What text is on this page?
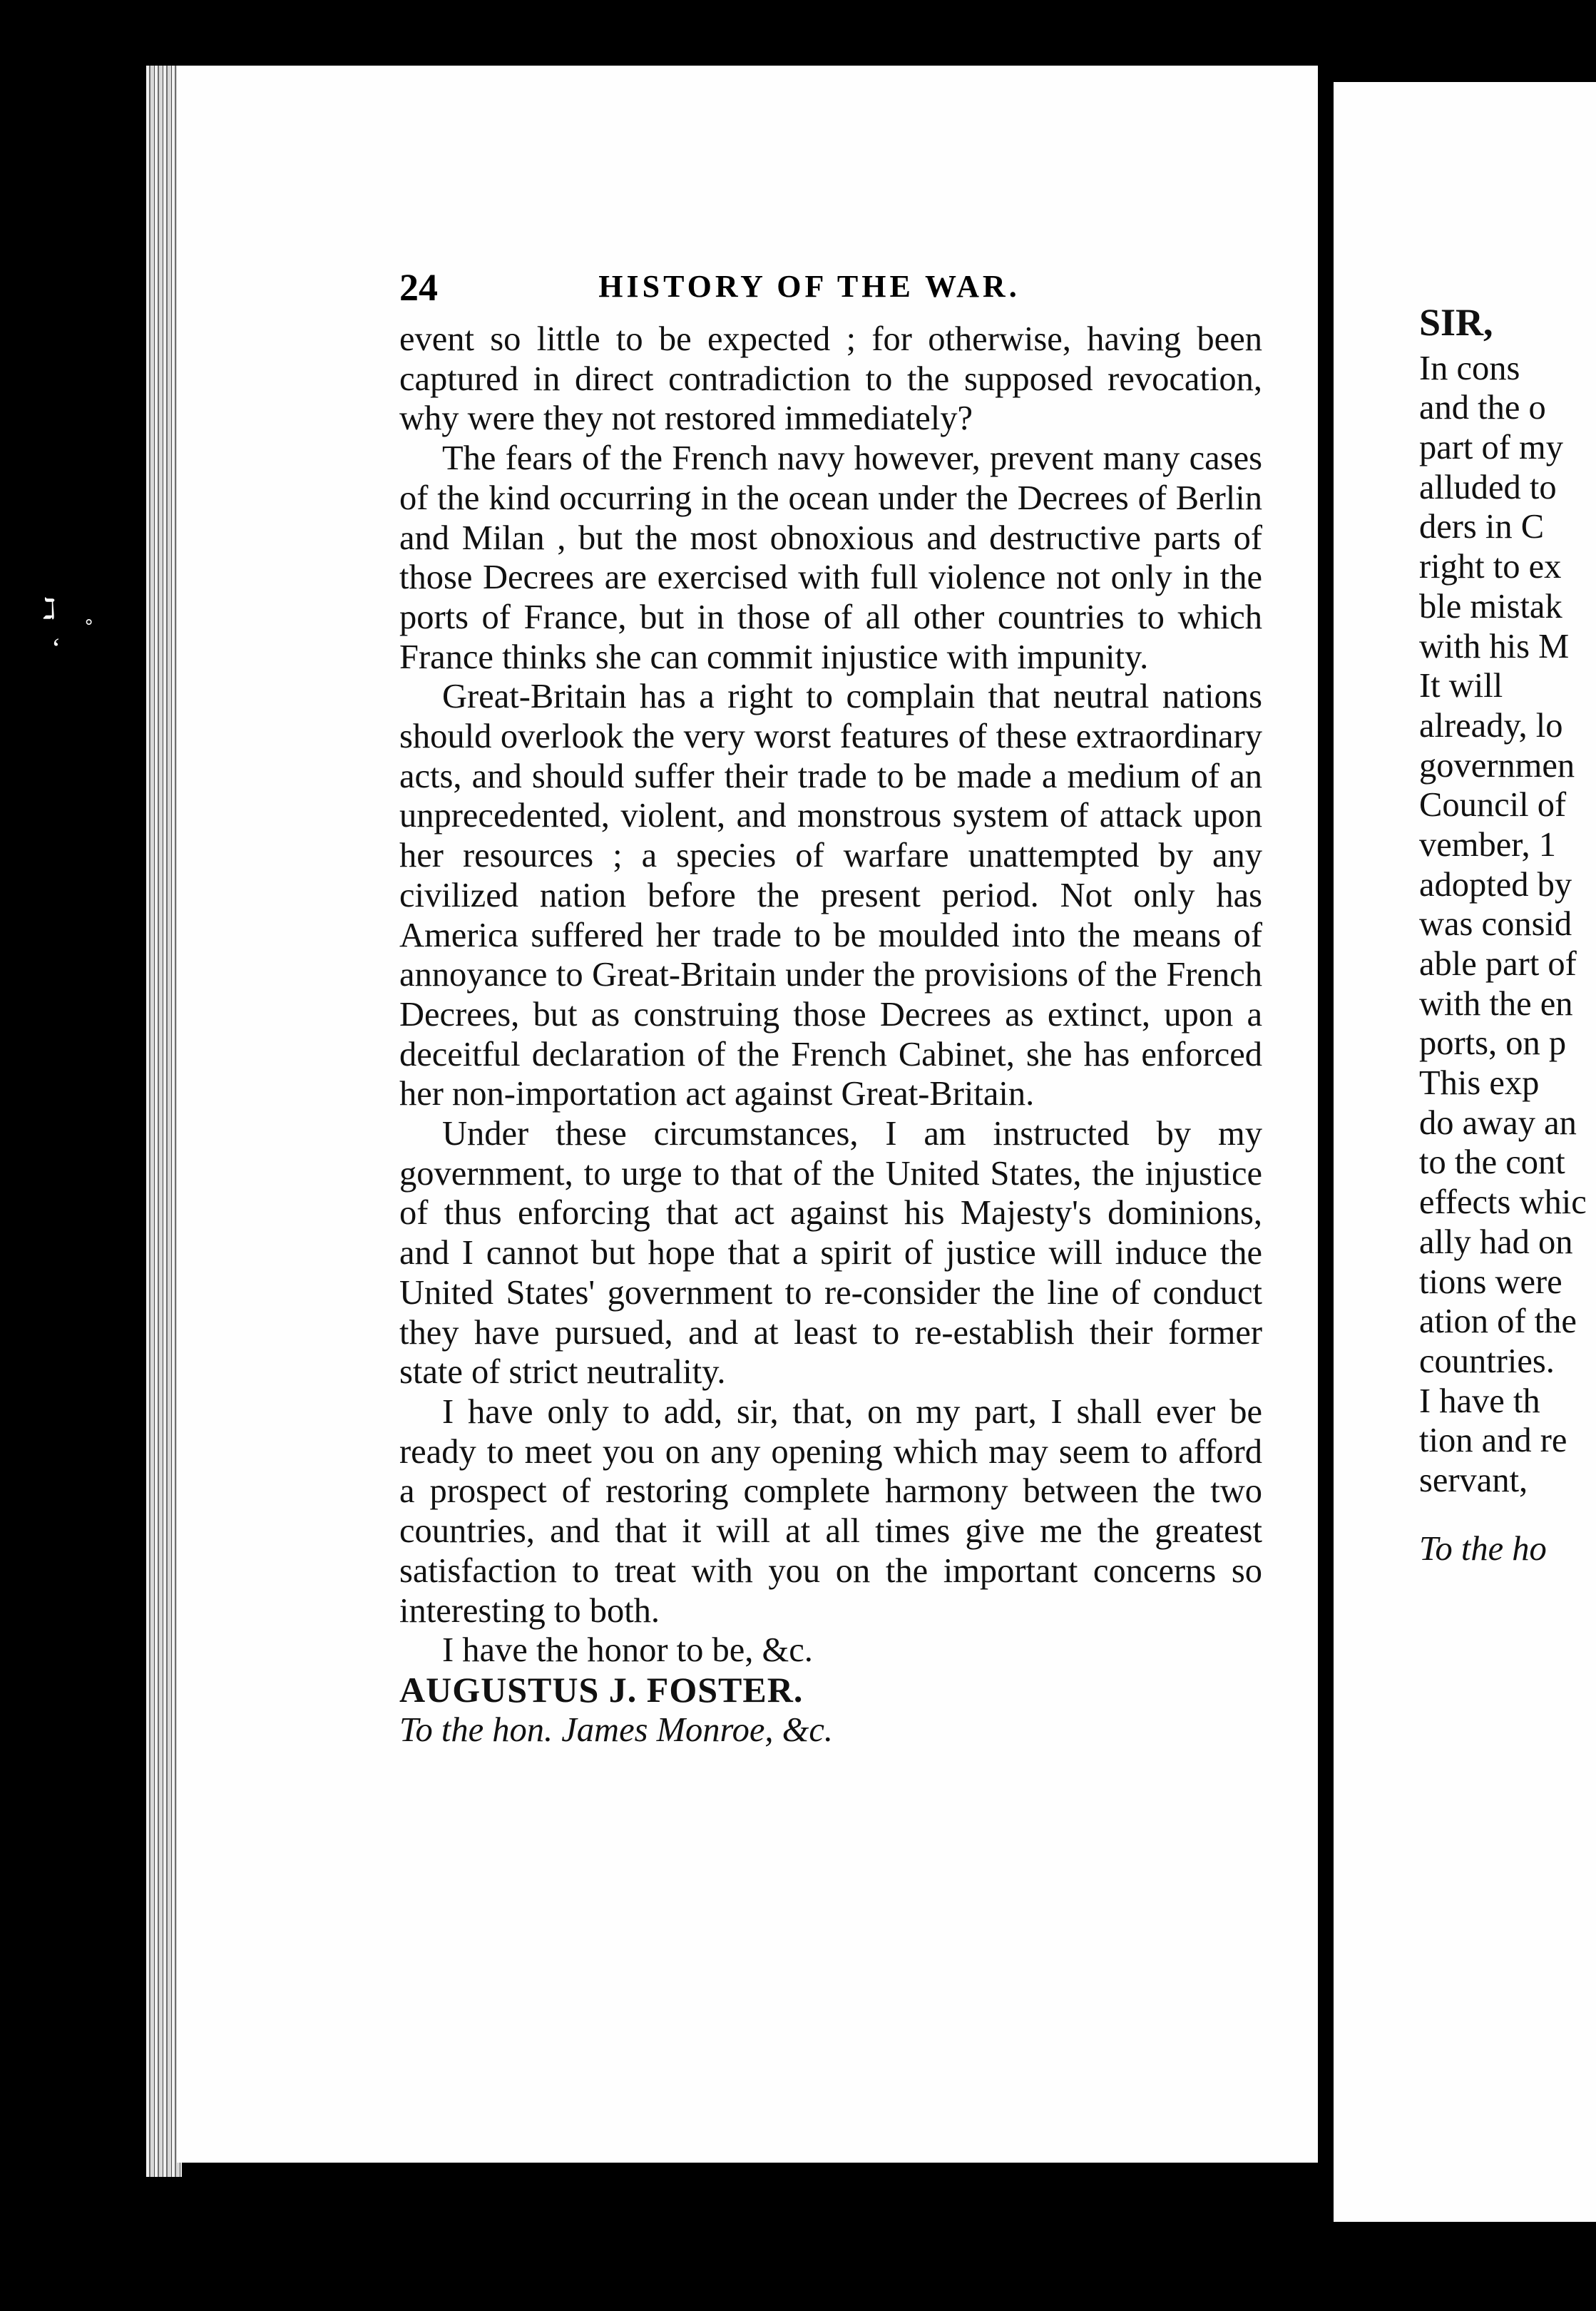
ℷ
˚
‘
SIR,
In cons
and the o
part of my
alluded to
ders in C
right to ex
ble mistak
with his M
It will
already, lo
governmen
Council of
vember, 1
adopted by
was consid
able part of
with the en
ports, on p
This exp
do away an
to the cont
effects whic
ally had on
tions were
ation of the
countries.
I have th
tion and re
servant,
To the ho
24	HISTORY OF THE WAR.

event so little to be expected ; for otherwise, having been captured in direct contradiction to the supposed revocation, why were they not restored immediately?

The fears of the French navy however, prevent many cases of the kind occurring in the ocean under the Decrees of Berlin and Milan , but the most obnoxious and destructive parts of those Decrees are exercised with full violence not only in the ports of France, but in those of all other countries to which France thinks she can commit injustice with impunity.

Great-Britain has a right to complain that neutral nations should overlook the very worst features of these extraordinary acts, and should suffer their trade to be made a medium of an unprecedented, violent, and monstrous system of attack upon her resources ; a species of warfare unattempted by any civilized nation before the present period. Not only has America suffered her trade to be moulded into the means of annoyance to Great-Britain under the provisions of the French Decrees, but as construing those Decrees as extinct, upon a deceitful declaration of the French Cabinet, she has enforced her non-importation act against Great-Britain.

Under these circumstances, I am instructed by my government, to urge to that of the United States, the injustice of thus enforcing that act against his Majesty's dominions, and I cannot but hope that a spirit of justice will induce the United States' government to re-consider the line of conduct they have pursued, and at least to re-establish their former state of strict neutrality.

I have only to add, sir, that, on my part, I shall ever be ready to meet you on any opening which may seem to afford a prospect of restoring complete harmony between the two countries, and that it will at all times give me the greatest satisfaction to treat with you on the important concerns so interesting to both.

I have the honor to be, &c.

AUGUSTUS J. FOSTER.

To the hon. James Monroe, &c.
